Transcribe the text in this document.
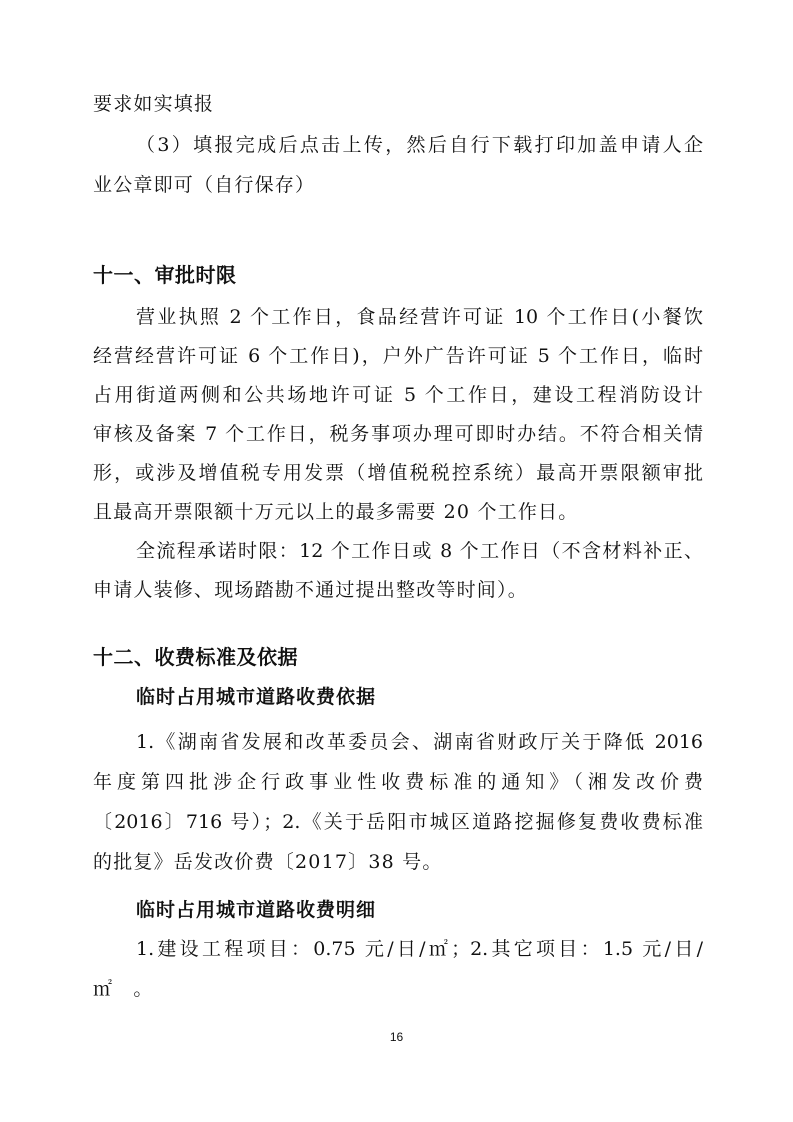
要求如实填报
（3）填报完成后点击上传，然后自行下载打印加盖申请人企
业公章即可（自行保存）
十一、审批时限
营业执照 2 个工作日，食品经营许可证 10 个工作日(小餐饮
经营经营许可证 6 个工作日)，户外广告许可证 5 个工作日，临时
占用街道两侧和公共场地许可证 5 个工作日，建设工程消防设计
审核及备案 7 个工作日，税务事项办理可即时办结。不符合相关情
形，或涉及增值税专用发票（增值税税控系统）最高开票限额审批
且最高开票限额十万元以上的最多需要 20 个工作日。
全流程承诺时限：12 个工作日或 8 个工作日（不含材料补正、
申请人装修、现场踏勘不通过提出整改等时间）。
十二、收费标准及依据
临时占用城市道路收费依据
1.《湖南省发展和改革委员会、湖南省财政厅关于降低 2016
年度第四批涉企行政事业性收费标准的通知》（湘发改价费
〔2016〕716 号）；2.《关于岳阳市城区道路挖掘修复费收费标准
的批复》岳发改价费〔2017〕38 号。
临时占用城市道路收费明细
1.建设工程项目：0.75 元/日/㎡；2.其它项目：1.5 元/日/
㎡　。
16
